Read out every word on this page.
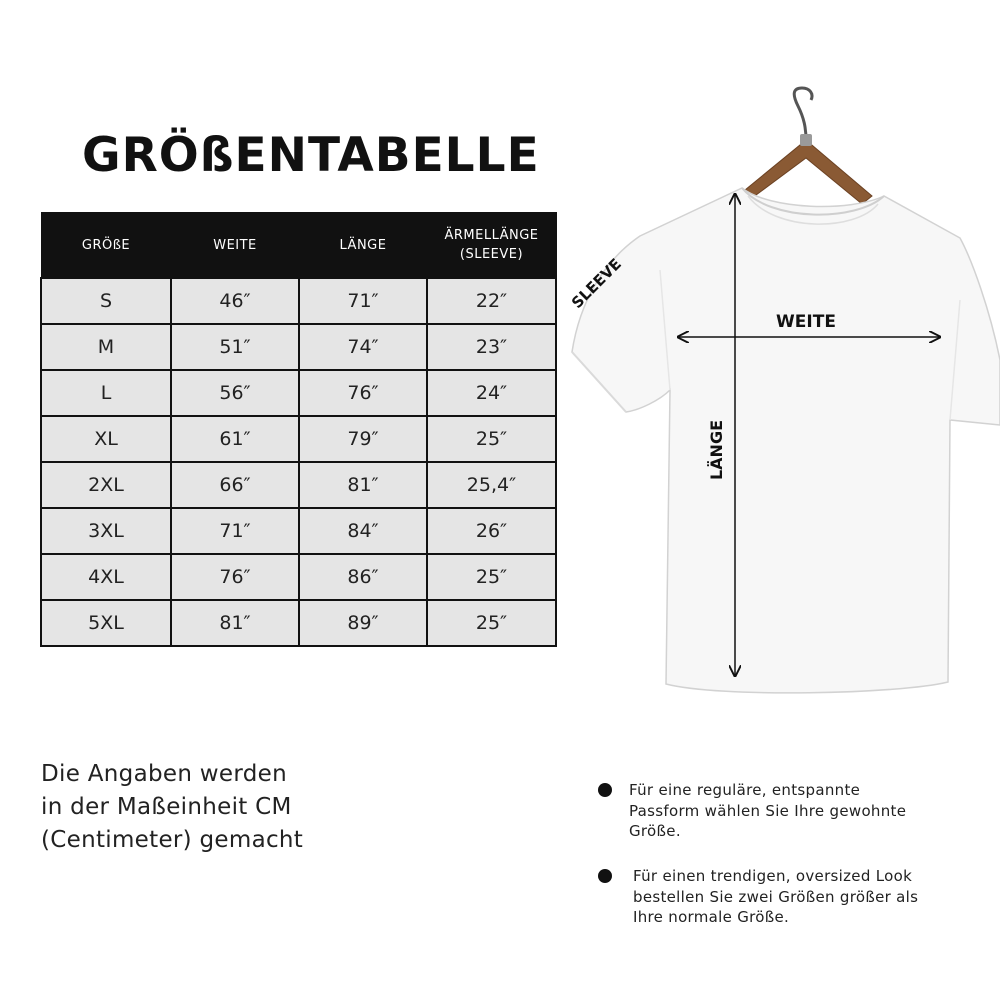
GRÖßENTABELLE
GRÖßE	WEITE	LÄNGE	ÄRMELLÄNGE
(SLEEVE)

S	46″	71″	22″
M	51″	74″	23″
L	56″	76″	24″
XL	61″	79″	25″
2XL	66″	81″	25,4″
3XL	71″	84″	26″
4XL	76″	86″	25″
5XL	81″	89″	25″
WEITE
LÄNGE
SLEEVE
Die Angaben werden
in der Maßeinheit CM
(Centimeter) gemacht
Für eine reguläre, entspannte
Passform wählen Sie Ihre gewohnte
Größe.
Für einen trendigen, oversized Look
bestellen Sie zwei Größen größer als
Ihre normale Größe.
